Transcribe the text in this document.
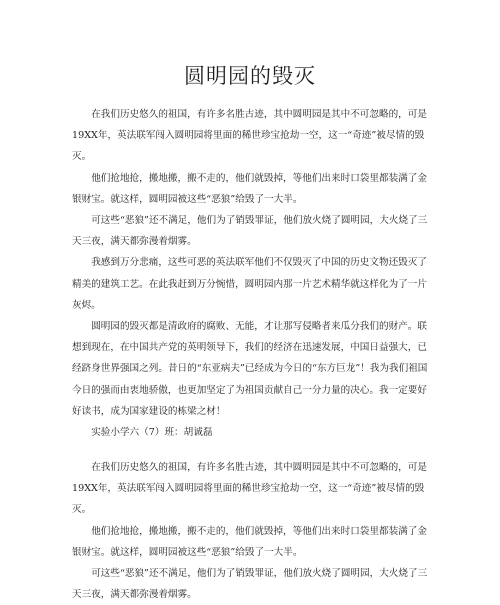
圆明园的毁灭

在我们历史悠久的祖国，有许多名胜古迹，其中圆明园是其中不可忽略的，可是19XX年，英法联军闯入圆明园将里面的稀世珍宝抢劫一空，这一“奇迹”被尽情的毁灭。

他们抢地抢，搬地搬，搬不走的，他们就毁掉，等他们出来时口袋里都装满了金银财宝。就这样，圆明园被这些“恶狼”给毁了一大半。

可这些“恶狼”还不满足，他们为了销毁罪证，他们放火烧了圆明园，大火烧了三天三夜，满天都弥漫着烟雾。

我感到万分悲痛，这些可恶的英法联军他们不仅毁灭了中国的历史文物还毁灭了精美的建筑工艺。在此我赶到万分惋惜，圆明园内那一片艺术精华就这样化为了一片灰烬。

圆明园的毁灭都是清政府的腐败、无能，才让那写侵略者来瓜分我们的财产。联想到现在，在中国共产党的英明领导下，我们的经济在迅速发展，中国日益强大，已经跻身世界强国之列。昔日的“东亚病夫”已经成为今日的“东方巨龙”！我为我们祖国今日的强而由衷地骄傲，也更加坚定了为祖国贡献自己一分力量的决心。我一定要好好读书，成为国家建设的栋梁之材！

实验小学六（7）班：胡诚磊

在我们历史悠久的祖国，有许多名胜古迹，其中圆明园是其中不可忽略的，可是19XX年，英法联军闯入圆明园将里面的稀世珍宝抢劫一空，这一“奇迹”被尽情的毁灭。

他们抢地抢，搬地搬，搬不走的，他们就毁掉，等他们出来时口袋里都装满了金银财宝。就这样，圆明园被这些“恶狼”给毁了一大半。

可这些“恶狼”还不满足，他们为了销毁罪证，他们放火烧了圆明园，大火烧了三天三夜，满天都弥漫着烟雾。
